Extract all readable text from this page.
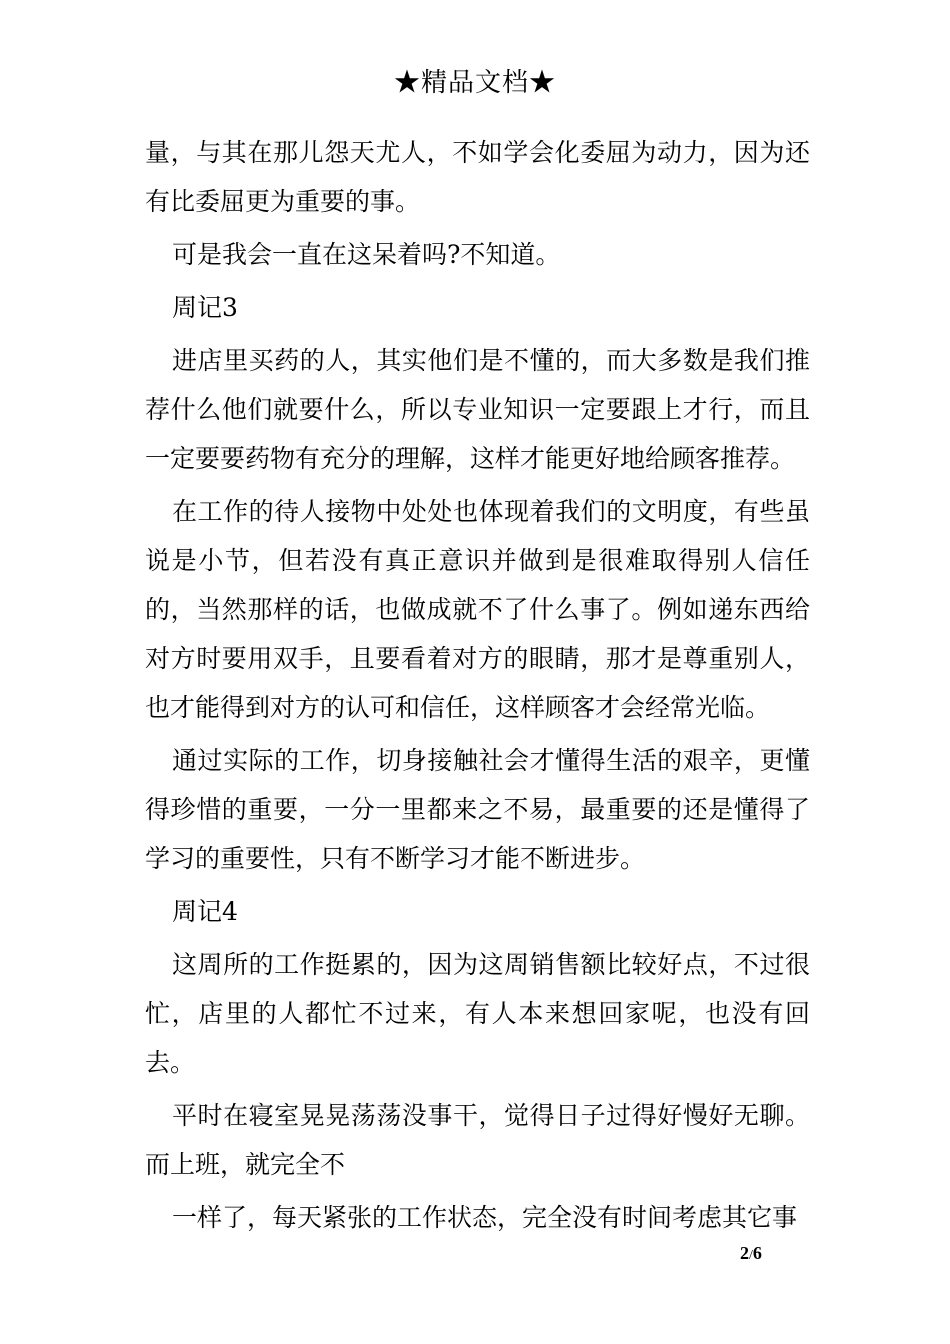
★精品文档★

量，与其在那儿怨天尤人，不如学会化委屈为动力，因为还有比委屈更为重要的事。

可是我会一直在这呆着吗?不知道。

周记3

进店里买药的人，其实他们是不懂的，而大多数是我们推荐什么他们就要什么，所以专业知识一定要跟上才行，而且一定要要药物有充分的理解，这样才能更好地给顾客推荐。

在工作的待人接物中处处也体现着我们的文明度，有些虽说是小节，但若没有真正意识并做到是很难取得别人信任的，当然那样的话，也做成就不了什么事了。例如递东西给对方时要用双手，且要看着对方的眼睛，那才是尊重别人，也才能得到对方的认可和信任，这样顾客才会经常光临。

通过实际的工作，切身接触社会才懂得生活的艰辛，更懂得珍惜的重要，一分一里都来之不易，最重要的还是懂得了学习的重要性，只有不断学习才能不断进步。

周记4

这周所的工作挺累的，因为这周销售额比较好点，不过很忙，店里的人都忙不过来，有人本来想回家呢，也没有回去。

平时在寝室晃晃荡荡没事干，觉得日子过得好慢好无聊。而上班，就完全不

一样了，每天紧张的工作状态，完全没有时间考虑其它事

2/6
